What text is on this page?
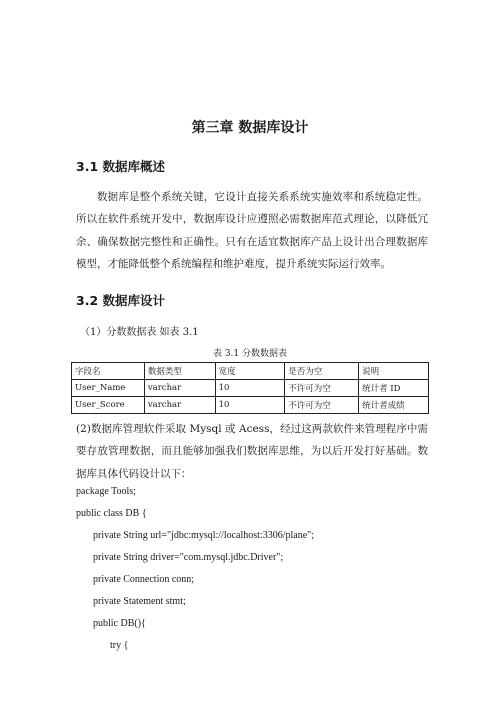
第三章 数据库设计
3.1 数据库概述
数据库是整个系统关键，它设计直接关系系统实施效率和系统稳定性。所以在软件系统开发中，数据库设计应遵照必需数据库范式理论，以降低冗余、确保数据完整性和正确性。只有在适宜数据库产品上设计出合理数据库模型，才能降低整个系统编程和维护难度，提升系统实际运行效率。
3.2 数据库设计
（1）分数数据表 如表 3.1
表 3.1 分数数据表
字段名	数据类型	宽度	是否为空	说明
User_Name	varchar	10	不许可为空	统计者 ID
User_Score	varchar	10	不许可为空	统计者成绩
(2)数据库管理软件采取 Mysql 或 Acess，经过这两款软件来管理程序中需要存放管理数据，而且能够加强我们数据库思维，为以后开发打好基础。数据库具体代码设计以下：
package Tools;
public class DB {
private String url="jdbc:mysql://localhost:3306/plane";
private String driver="com.mysql.jdbc.Driver";
private Connection conn;
private Statement stmt;
public DB(){
try {
